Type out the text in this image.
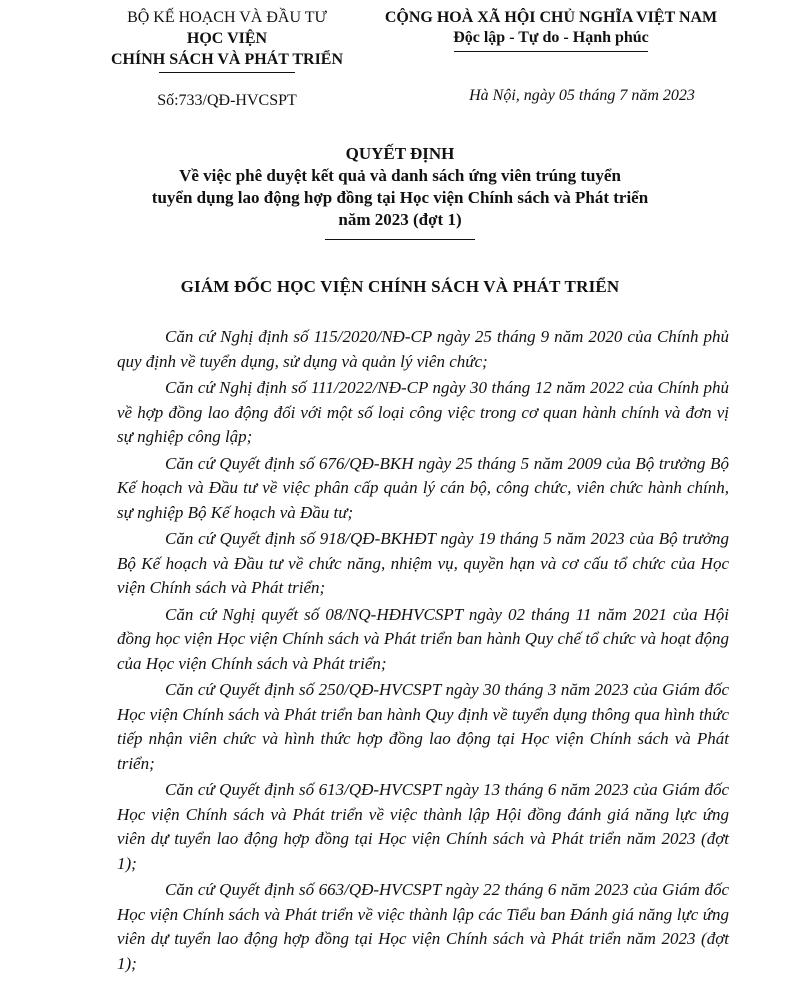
BỘ KẾ HOẠCH VÀ ĐẦU TƯ
HỌC VIỆN
CHÍNH SÁCH VÀ PHÁT TRIỂN
Số:733/QĐ-HVCSPT
CỘNG HOÀ XÃ HỘI CHỦ NGHĨA VIỆT NAM
Độc lập - Tự do - Hạnh phúc
Hà Nội, ngày 05 tháng 7 năm 2023
QUYẾT ĐỊNH
Về việc phê duyệt kết quả và danh sách ứng viên trúng tuyển
tuyển dụng lao động hợp đồng tại Học viện Chính sách và Phát triển
năm 2023 (đợt 1)
GIÁM ĐỐC HỌC VIỆN CHÍNH SÁCH VÀ PHÁT TRIỂN

Căn cứ Nghị định số 115/2020/NĐ-CP ngày 25 tháng 9 năm 2020 của Chính phủ quy định về tuyển dụng, sử dụng và quản lý viên chức;

Căn cứ Nghị định số 111/2022/NĐ-CP ngày 30 tháng 12 năm 2022 của Chính phủ về hợp đồng lao động đối với một số loại công việc trong cơ quan hành chính và đơn vị sự nghiệp công lập;

Căn cứ Quyết định số 676/QĐ-BKH ngày 25 tháng 5 năm 2009 của Bộ trưởng Bộ Kế hoạch và Đầu tư về việc phân cấp quản lý cán bộ, công chức, viên chức hành chính, sự nghiệp Bộ Kế hoạch và Đầu tư;

Căn cứ Quyết định số 918/QĐ-BKHĐT ngày 19 tháng 5 năm 2023 của Bộ trưởng Bộ Kế hoạch và Đầu tư về chức năng, nhiệm vụ, quyền hạn và cơ cấu tổ chức của Học viện Chính sách và Phát triển;

Căn cứ Nghị quyết số 08/NQ-HĐHVCSPT ngày 02 tháng 11 năm 2021 của Hội đồng học viện Học viện Chính sách và Phát triển ban hành Quy chế tổ chức và hoạt động của Học viện Chính sách và Phát triển;

Căn cứ Quyết định số 250/QĐ-HVCSPT ngày 30 tháng 3 năm 2023 của Giám đốc Học viện Chính sách và Phát triển ban hành Quy định về tuyển dụng thông qua hình thức tiếp nhận viên chức và hình thức hợp đồng lao động tại Học viện Chính sách và Phát triển;

Căn cứ Quyết định số 613/QĐ-HVCSPT ngày 13 tháng 6 năm 2023 của Giám đốc Học viện Chính sách và Phát triển về việc thành lập Hội đồng đánh giá năng lực ứng viên dự tuyển lao động hợp đồng tại Học viện Chính sách và Phát triển năm 2023 (đợt 1);

Căn cứ Quyết định số 663/QĐ-HVCSPT ngày 22 tháng 6 năm 2023 của Giám đốc Học viện Chính sách và Phát triển về việc thành lập các Tiểu ban Đánh giá năng lực ứng viên dự tuyển lao động hợp đồng tại Học viện Chính sách và Phát triển năm 2023 (đợt 1);
